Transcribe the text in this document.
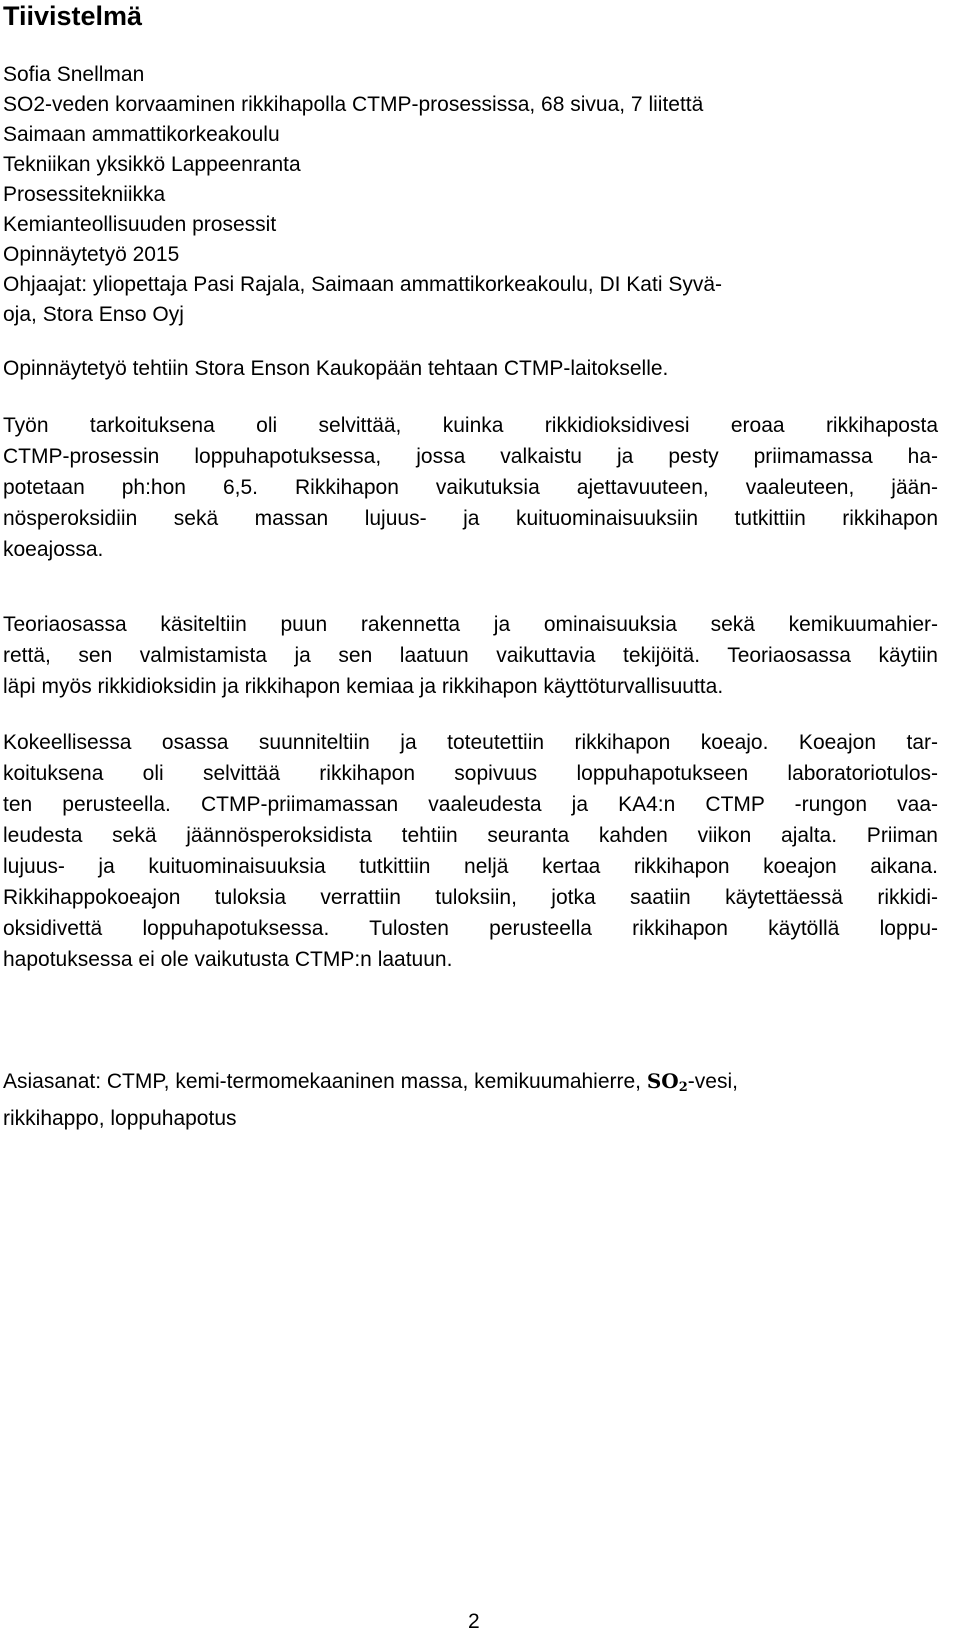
Tiivistelmä
Sofia Snellman
SO2-veden korvaaminen rikkihapolla CTMP-prosessissa, 68 sivua, 7 liitettä
Saimaan ammattikorkeakoulu
Tekniikan yksikkö Lappeenranta
Prosessitekniikka
Kemianteollisuuden prosessit
Opinnäytetyö 2015
Ohjaajat: yliopettaja Pasi Rajala, Saimaan ammattikorkeakoulu, DI Kati Syvä-
oja, Stora Enso Oyj

Opinnäytetyö tehtiin Stora Enson Kaukopään tehtaan CTMP-laitokselle.

Työn tarkoituksena oli selvittää, kuinka rikkidioksidivesi eroaa rikkihaposta
CTMP-prosessin loppuhapotuksessa, jossa valkaistu ja pesty priimamassa ha-
potetaan ph:hon 6,5. Rikkihapon vaikutuksia ajettavuuteen, vaaleuteen, jään-
nösperoksidiin sekä massan lujuus- ja kuituominaisuuksiin tutkittiin rikkihapon
koeajossa.

Teoriaosassa käsiteltiin puun rakennetta ja ominaisuuksia sekä kemikuumahier-
rettä, sen valmistamista ja sen laatuun vaikuttavia tekijöitä. Teoriaosassa käytiin
läpi myös rikkidioksidin ja rikkihapon kemiaa ja rikkihapon käyttöturvallisuutta.

Kokeellisessa osassa suunniteltiin ja toteutettiin rikkihapon koeajo. Koeajon tar-
koituksena oli selvittää rikkihapon sopivuus loppuhapotukseen laboratoriotulos-
ten perusteella. CTMP-priimamassan vaaleudesta ja KA4:n CTMP -rungon vaa-
leudesta sekä jäännösperoksidista tehtiin seuranta kahden viikon ajalta. Priiman
lujuus- ja kuituominaisuuksia tutkittiin neljä kertaa rikkihapon koeajon aikana.
Rikkihappokoeajon tuloksia verrattiin tuloksiin, jotka saatiin käytettäessä rikkidi-
oksidivettä loppuhapotuksessa. Tulosten perusteella rikkihapon käytöllä loppu-
hapotuksessa ei ole vaikutusta CTMP:n laatuun.

Asiasanat: CTMP, kemi-termomekaaninen massa, kemikuumahierre, $SO_2$-vesi,
rikkihappo, loppuhapotus
2
